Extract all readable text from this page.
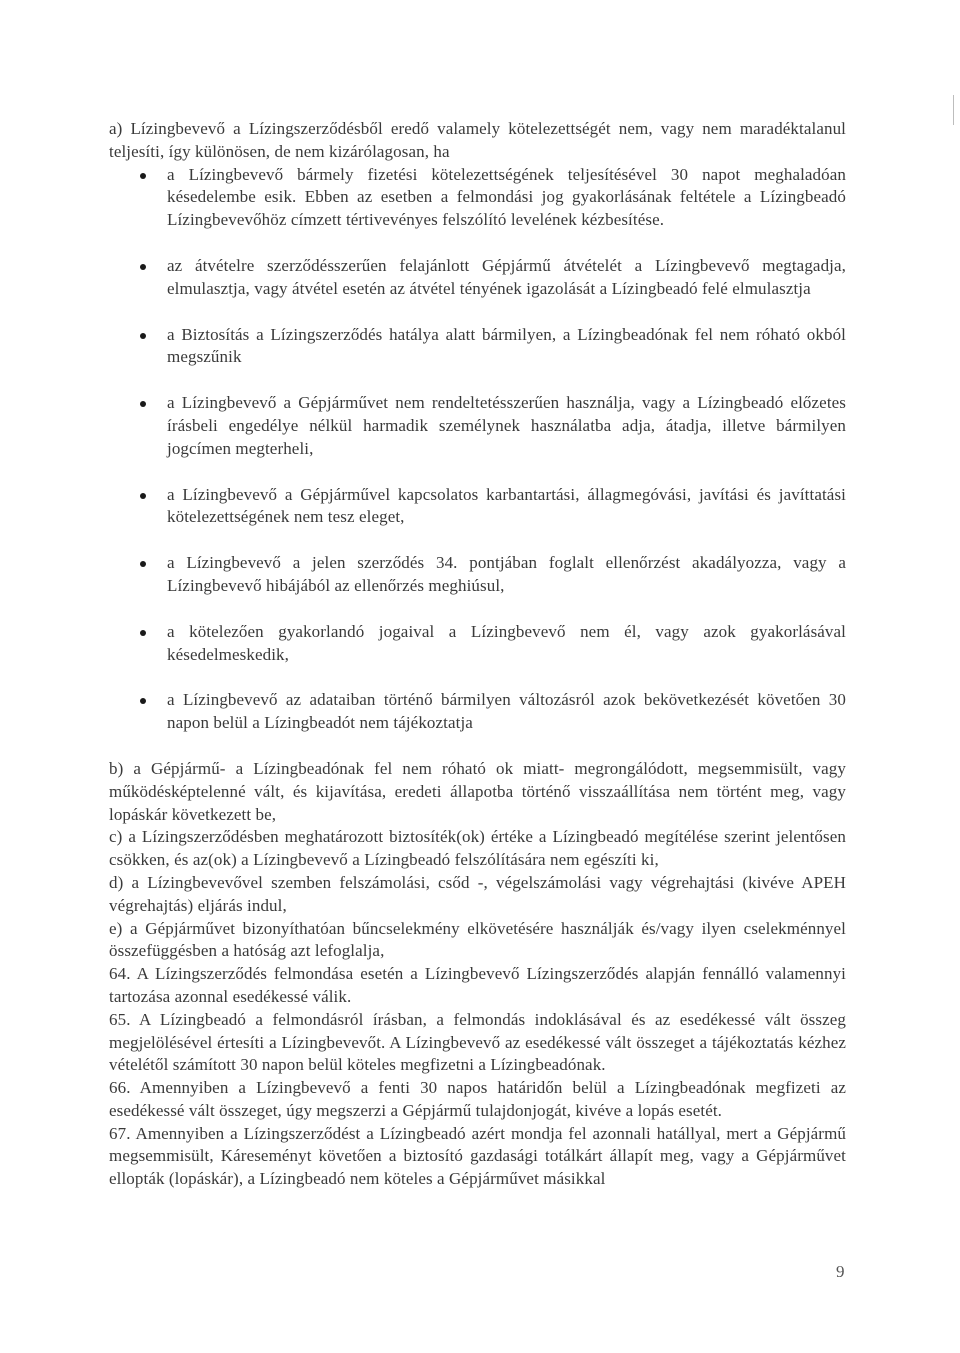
a) Lízingbevevő a Lízingszerződésből eredő valamely kötelezettségét nem, vagy nem maradéktalanul teljesíti, így különösen, de nem kizárólagosan, ha

a Lízingbevevő bármely fizetési kötelezettségének teljesítésével 30 napot meghaladóan késedelembe esik. Ebben az esetben a felmondási jog gyakorlásának feltétele a Lízingbeadó Lízingbevevőhöz címzett tértivevényes felszólító levelének kézbesítése.
az átvételre szerződésszerűen felajánlott Gépjármű átvételét a Lízingbevevő megtagadja, elmulasztja, vagy átvétel esetén az átvétel tényének igazolását a Lízingbeadó felé elmulasztja
a Biztosítás a Lízingszerződés hatálya alatt bármilyen, a Lízingbeadónak fel nem róható okból megszűnik
a Lízingbevevő a Gépjárművet nem rendeltetésszerűen használja, vagy a Lízingbeadó előzetes írásbeli engedélye nélkül harmadik személynek használatba adja, átadja, illetve bármilyen jogcímen megterheli,
a Lízingbevevő a Gépjárművel kapcsolatos karbantartási, állagmegóvási, javítási és javíttatási kötelezettségének nem tesz eleget,
a Lízingbevevő a jelen szerződés 34. pontjában foglalt ellenőrzést akadályozza, vagy a Lízingbevevő hibájából az ellenőrzés meghiúsul,
a kötelezően gyakorlandó jogaival a Lízingbevevő nem él, vagy azok gyakorlásával késedelmeskedik,
a Lízingbevevő az adataiban történő bármilyen változásról azok bekövetkezését követően 30 napon belül a Lízingbeadót nem tájékoztatja

b) a Gépjármű- a Lízingbeadónak fel nem róható ok miatt- megrongálódott, megsemmisült, vagy működésképtelenné vált, és kijavítása, eredeti állapotba történő visszaállítása nem történt meg, vagy lopáskár következett be,

c) a Lízingszerződésben meghatározott biztosíték(ok) értéke a Lízingbeadó megítélése szerint jelentősen csökken, és az(ok) a Lízingbevevő a Lízingbeadó felszólítására nem egészíti ki,

d) a Lízingbevevővel szemben felszámolási, csőd -, végelszámolási vagy végrehajtási (kivéve APEH végrehajtás) eljárás indul,

e) a Gépjárművet bizonyíthatóan bűncselekmény elkövetésére használják és/vagy ilyen cselekménnyel összefüggésben a hatóság azt lefoglalja,

64. A Lízingszerződés felmondása esetén a Lízingbevevő Lízingszerződés alapján fennálló valamennyi tartozása azonnal esedékessé válik.

65. A Lízingbeadó a felmondásról írásban, a felmondás indoklásával és az esedékessé vált összeg megjelölésével értesíti a Lízingbevevőt. A Lízingbevevő az esedékessé vált összeget a tájékoztatás kézhez vételétől számított 30 napon belül köteles megfizetni a Lízingbeadónak.

66. Amennyiben a Lízingbevevő a fenti 30 napos határidőn belül a Lízingbeadónak megfizeti az esedékessé vált összeget, úgy megszerzi a Gépjármű tulajdonjogát, kivéve a lopás esetét.

67. Amennyiben a Lízingszerződést a Lízingbeadó azért mondja fel azonnali hatállyal, mert a Gépjármű megsemmisült, Káreseményt követően a biztosító gazdasági totálkárt állapít meg, vagy a Gépjárművet ellopták (lopáskár), a Lízingbeadó nem köteles a Gépjárművet másikkal

9
